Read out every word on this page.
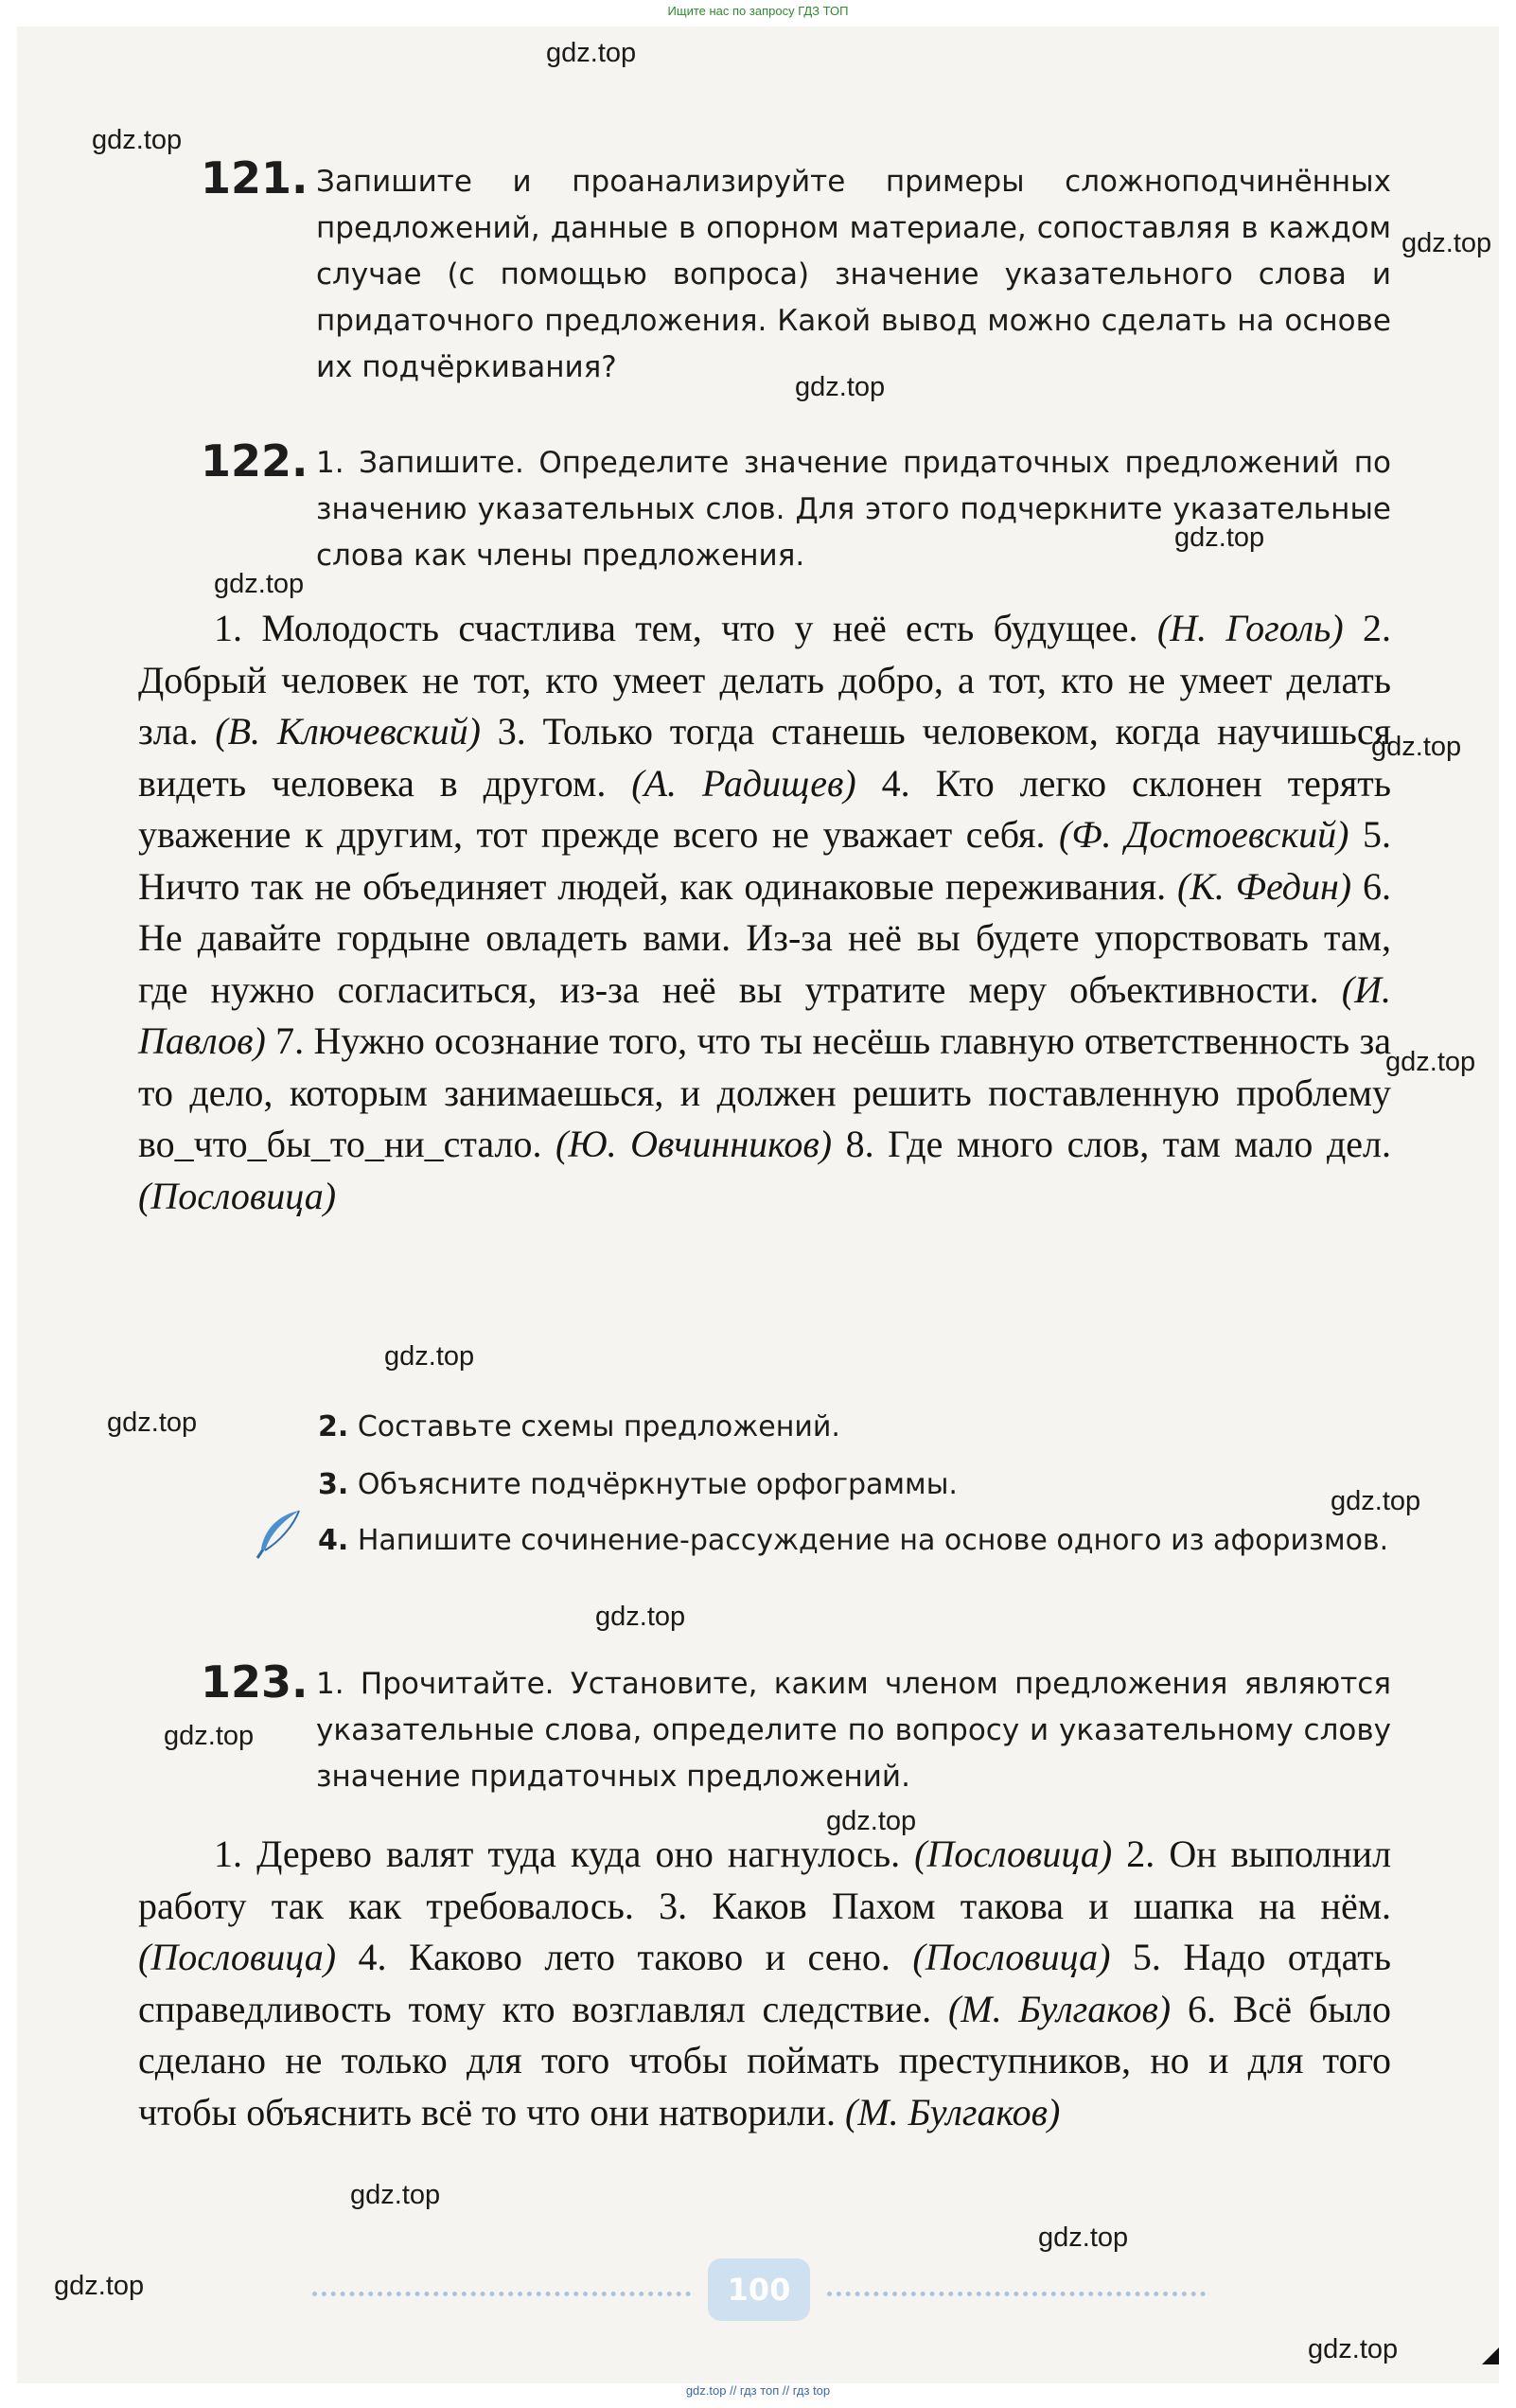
Ищите нас по запросу ГДЗ ТОП
gdz.top
gdz.top
gdz.top
gdz.top
gdz.top
gdz.top
gdz.top
gdz.top
gdz.top
gdz.top
gdz.top
gdz.top
gdz.top
gdz.top
gdz.top
gdz.top
gdz.top
gdz.top
121. Запишите и проанализируйте примеры сложноподчинённых предложений, данные в опорном материале, сопоставляя в каждом случае (с помощью вопроса) значение указательного слова и придаточного предложения. Какой вывод можно сделать на основе их подчёркивания?

122. 1. Запишите. Определите значение придаточных предложений по значению указательных слов. Для этого подчеркните указательные слова как члены предложения.

1. Молодость счастлива тем, что у неё есть будущее. (Н. Гоголь) 2. Добрый человек не тот, кто умеет делать добро, а тот, кто не умеет делать зла. (В. Ключевский) 3. Только тогда станешь человеком, когда научишься видеть человека в другом. (А. Радищев) 4. Кто легко склонен терять уважение к другим, тот прежде всего не уважает себя. (Ф. Достоевский) 5. Ничто так не объединяет людей, как одинаковые переживания. (К. Федин) 6. Не давайте гордыне овладеть вами. Из-за неё вы будете упорствовать там, где нужно согласиться, из-за неё вы утратите меру объективности. (И. Павлов) 7. Нужно осознание того, что ты несёшь главную ответственность за то дело, которым занимаешься, и должен решить поставленную проблему во_что_бы_то_ни_стало. (Ю. Овчинников) 8. Где много слов, там мало дел. (Пословица)

2. Составьте схемы предложений.

3. Объясните подчёркнутые орфограммы.

4. Напишите сочинение-рассуждение на основе одного из афоризмов.

123. 1. Прочитайте. Установите, каким членом предложения являются указательные слова, определите по вопросу и указательному слову значение придаточных предложений.

1. Дерево валят туда куда оно нагнулось. (Пословица) 2. Он выполнил работу так как требовалось. 3. Каков Пахом такова и шапка на нём. (Пословица) 4. Каково лето таково и сено. (Пословица) 5. Надо отдать справедливость тому кто возглавлял следствие. (М. Булгаков) 6. Всё было сделано не только для того чтобы поймать преступников, но и для того чтобы объяснить всё то что они натворили. (М. Булгаков)

100
gdz.top // гдз топ // гдз top
